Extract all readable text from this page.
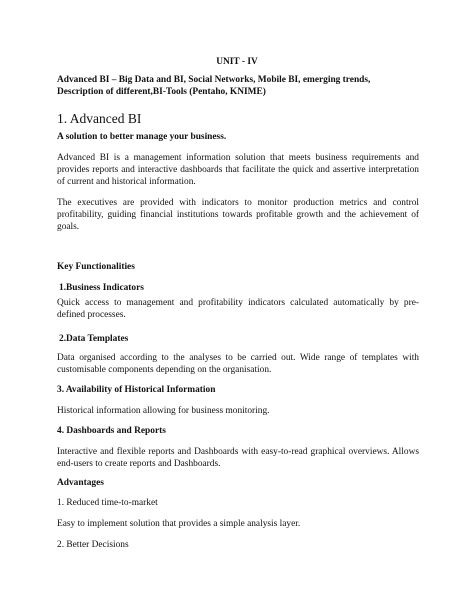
UNIT - IV

Advanced BI – Big Data and BI, Social Networks, Mobile BI, emerging trends, Description of different,BI-Tools (Pentaho, KNIME)

1. Advanced BI

A solution to better manage your business.

Advanced BI is a management information solution that meets business requirements and provides reports and interactive dashboards that facilitate the quick and assertive interpretation of current and historical information.

The executives are provided with indicators to monitor production metrics and control profitability, guiding financial institutions towards profitable growth and the achievement of goals.

Key Functionalities

1.Business Indicators

Quick access to management and profitability indicators calculated automatically by pre-defined processes.

2.Data Templates

Data organised according to the analyses to be carried out. Wide range of templates with customisable components depending on the organisation.

3. Availability of Historical Information

Historical information allowing for business monitoring.

4. Dashboards and Reports

Interactive and flexible reports and Dashboards with easy-to-read graphical overviews. Allows end-users to create reports and Dashboards.

Advantages

1. Reduced time-to-market

Easy to implement solution that provides a simple analysis layer.

2. Better Decisions
